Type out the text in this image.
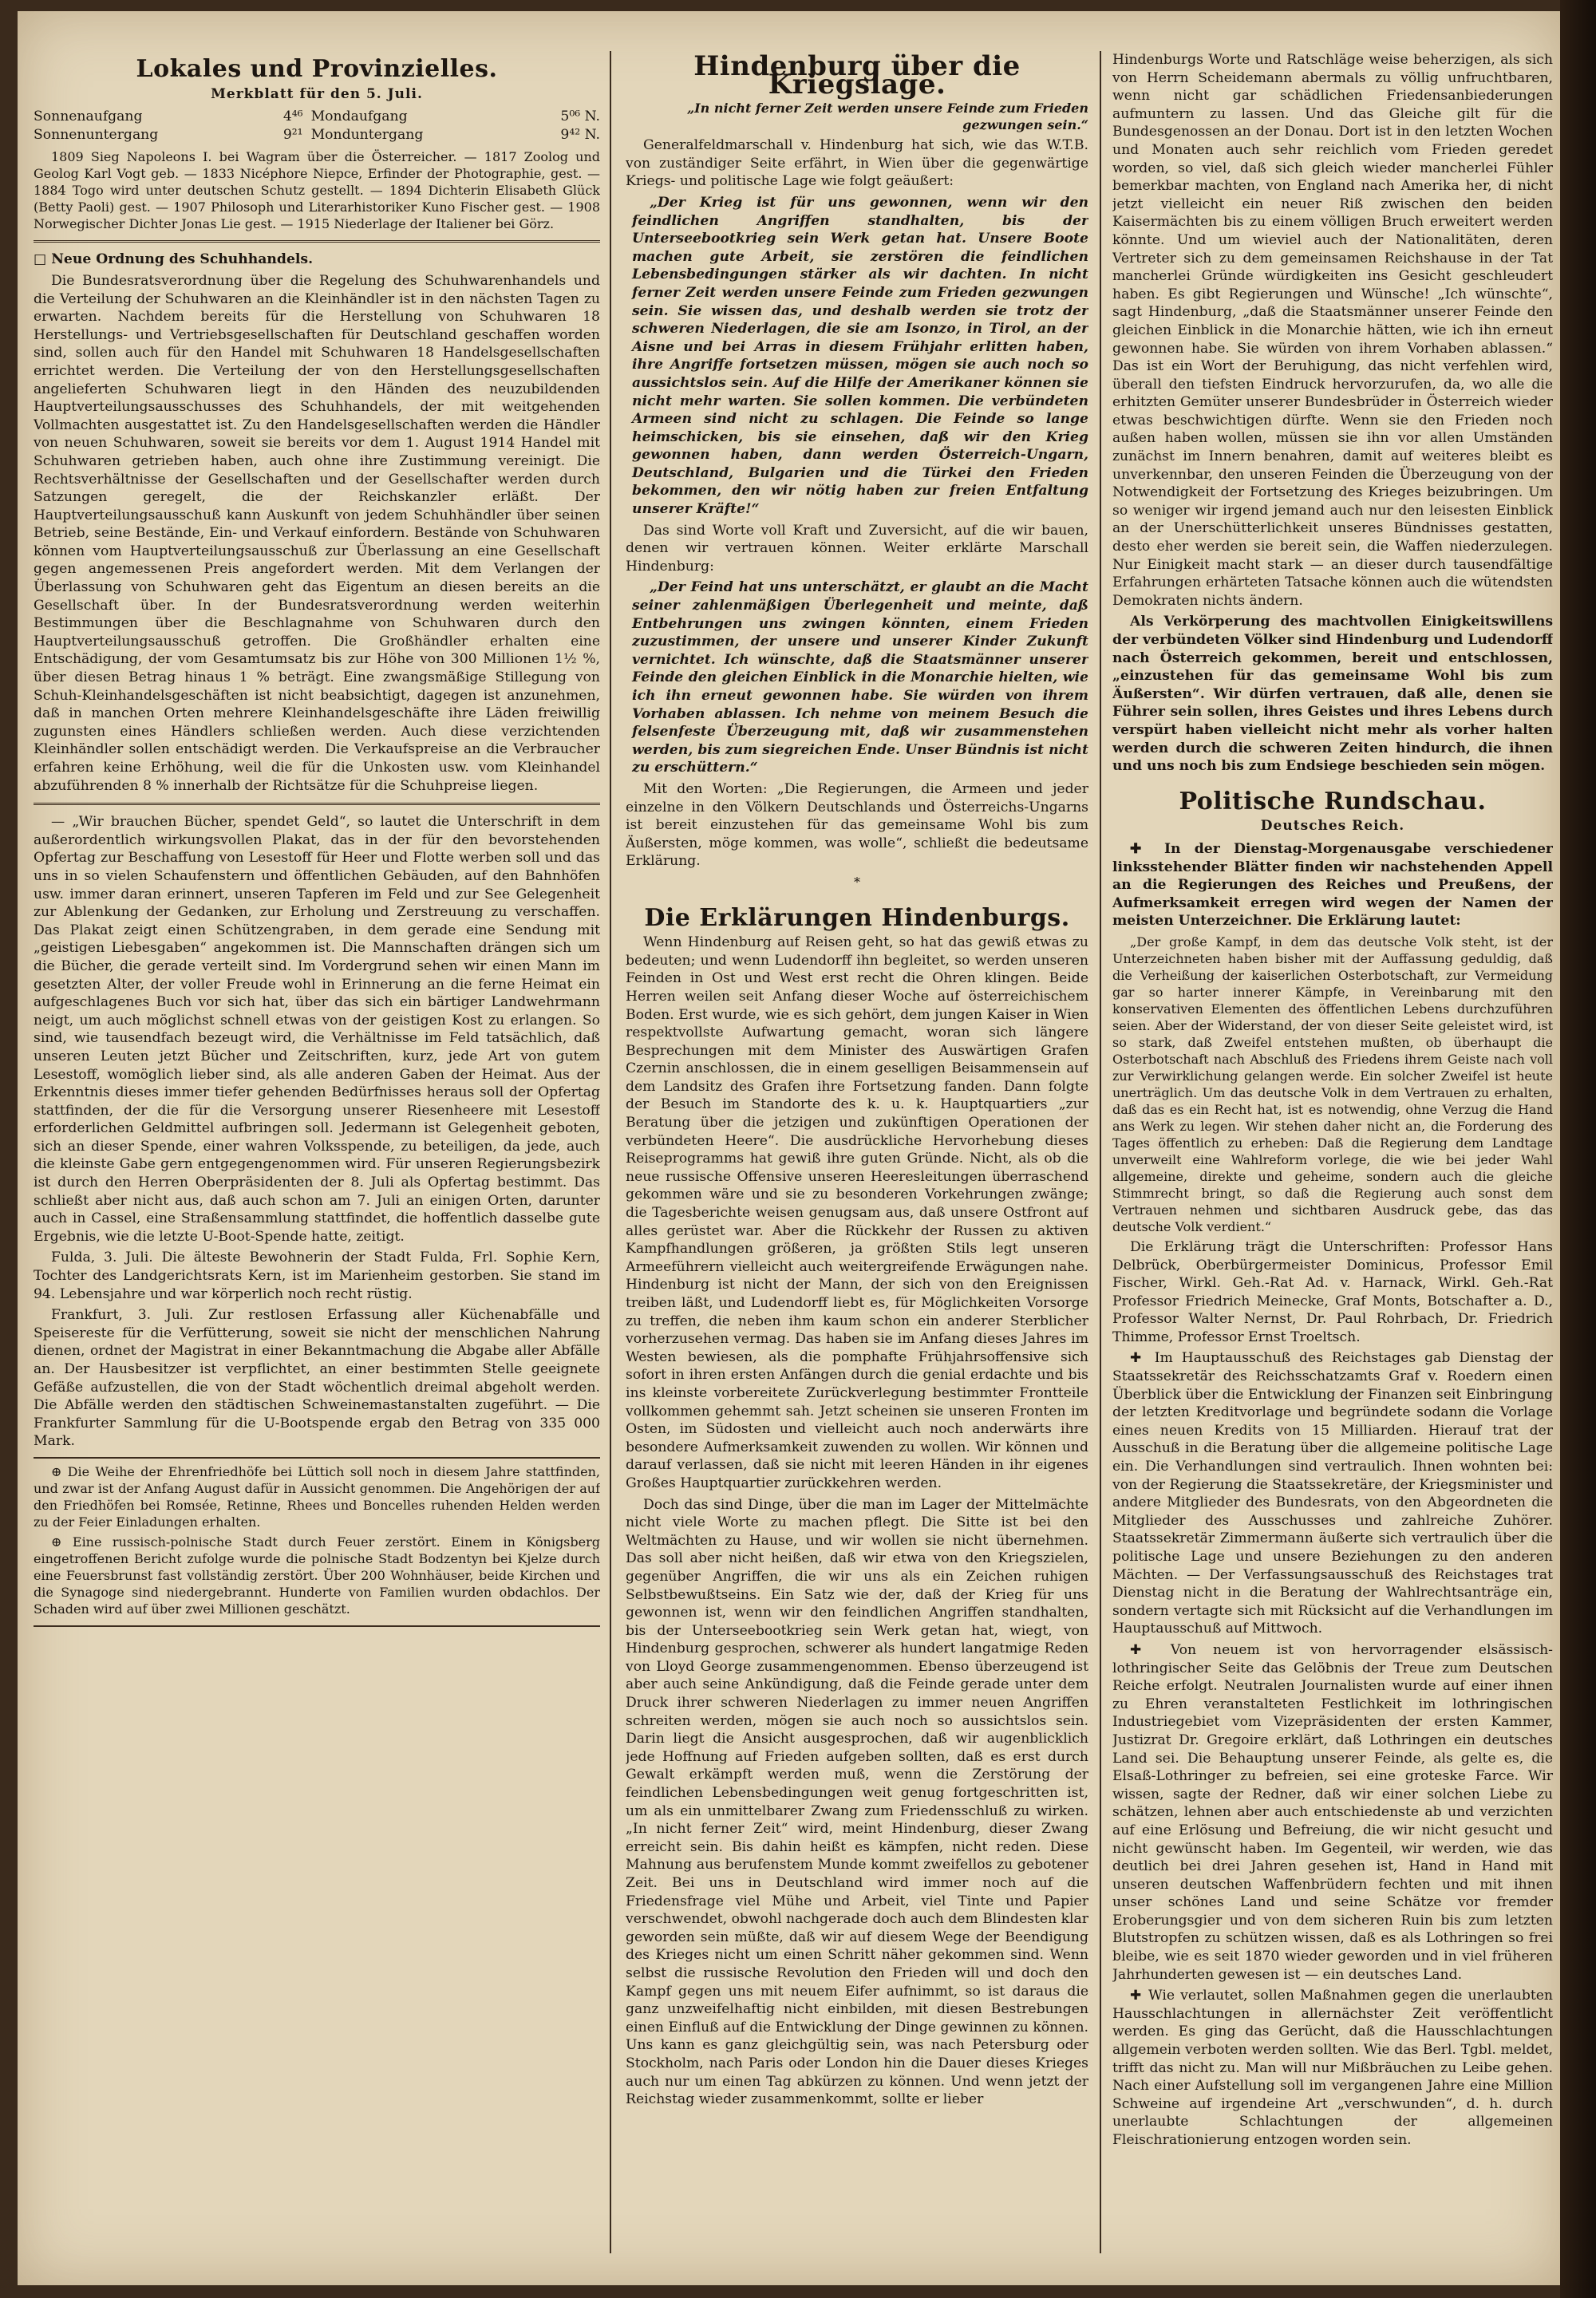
Lokales und Provinzielles.
Merkblatt für den 5. Juli.
Sonnenaufgang	4⁴⁶ Mondaufgang	5⁰⁶ N.
Sonnenuntergang	9²¹ Monduntergang	9⁴² N.

1809 Sieg Napoleons I. bei Wagram über die Österreicher. — 1817 Zoolog und Geolog Karl Vogt geb. — 1833 Nicéphore Niepce, Erfinder der Photographie, gest. — 1884 Togo wird unter deutschen Schutz gestellt. — 1894 Dichterin Elisabeth Glück (Betty Paoli) gest. — 1907 Philosoph und Literarhistoriker Kuno Fischer gest. — 1908 Norwegischer Dichter Jonas Lie gest. — 1915 Niederlage der Italiener bei Görz.

□ Neue Ordnung des Schuhhandels.

Die Bundesratsverordnung über die Regelung des Schuhwarenhandels und die Verteilung der Schuhwaren an die Kleinhändler ist in den nächsten Tagen zu erwarten. Nachdem bereits für die Herstellung von Schuhwaren 18 Herstellungs- und Vertriebsgesellschaften für Deutschland geschaffen worden sind, sollen auch für den Handel mit Schuhwaren 18 Handelsgesellschaften errichtet werden. Die Verteilung der von den Herstellungsgesellschaften angelieferten Schuhwaren liegt in den Händen des neuzubildenden Hauptverteilungsausschusses des Schuhhandels, der mit weitgehenden Vollmachten ausgestattet ist. Zu den Handelsgesellschaften werden die Händler von neuen Schuhwaren, soweit sie bereits vor dem 1. August 1914 Handel mit Schuhwaren getrieben haben, auch ohne ihre Zustimmung vereinigt. Die Rechtsverhältnisse der Gesellschaften und der Gesellschafter werden durch Satzungen geregelt, die der Reichskanzler erläßt. Der Hauptverteilungsausschuß kann Auskunft von jedem Schuhhändler über seinen Betrieb, seine Bestände, Ein- und Verkauf einfordern. Bestände von Schuhwaren können vom Hauptverteilungsausschuß zur Überlassung an eine Gesellschaft gegen angemessenen Preis angefordert werden. Mit dem Verlangen der Überlassung von Schuhwaren geht das Eigentum an diesen bereits an die Gesellschaft über. In der Bundesratsverordnung werden weiterhin Bestimmungen über die Beschlagnahme von Schuhwaren durch den Hauptverteilungsausschuß getroffen. Die Großhändler erhalten eine Entschädigung, der vom Gesamtumsatz bis zur Höhe von 300 Millionen 1½ %, über diesen Betrag hinaus 1 % beträgt. Eine zwangsmäßige Stillegung von Schuh-Kleinhandelsgeschäften ist nicht beabsichtigt, dagegen ist anzunehmen, daß in manchen Orten mehrere Kleinhandelsgeschäfte ihre Läden freiwillig zugunsten eines Händlers schließen werden. Auch diese verzichtenden Kleinhändler sollen entschädigt werden. Die Verkaufspreise an die Verbraucher erfahren keine Erhöhung, weil die für die Unkosten usw. vom Kleinhandel abzuführenden 8 % innerhalb der Richtsätze für die Schuhpreise liegen.

— „Wir brauchen Bücher, spendet Geld“, so lautet die Unterschrift in dem außerordentlich wirkungsvollen Plakat, das in der für den bevorstehenden Opfertag zur Beschaffung von Lesestoff für Heer und Flotte werben soll und das uns in so vielen Schaufenstern und öffentlichen Gebäuden, auf den Bahnhöfen usw. immer daran erinnert, unseren Tapferen im Feld und zur See Gelegenheit zur Ablenkung der Gedanken, zur Erholung und Zerstreuung zu verschaffen. Das Plakat zeigt einen Schützengraben, in dem gerade eine Sendung mit „geistigen Liebesgaben“ angekommen ist. Die Mannschaften drängen sich um die Bücher, die gerade verteilt sind. Im Vordergrund sehen wir einen Mann im gesetzten Alter, der voller Freude wohl in Erinnerung an die ferne Heimat ein aufgeschlagenes Buch vor sich hat, über das sich ein bärtiger Landwehrmann neigt, um auch möglichst schnell etwas von der geistigen Kost zu erlangen. So sind, wie tausendfach bezeugt wird, die Verhältnisse im Feld tatsächlich, daß unseren Leuten jetzt Bücher und Zeitschriften, kurz, jede Art von gutem Lesestoff, womöglich lieber sind, als alle anderen Gaben der Heimat. Aus der Erkenntnis dieses immer tiefer gehenden Bedürfnisses heraus soll der Opfertag stattfinden, der die für die Versorgung unserer Riesenheere mit Lesestoff erforderlichen Geldmittel aufbringen soll. Jedermann ist Gelegenheit geboten, sich an dieser Spende, einer wahren Volksspende, zu beteiligen, da jede, auch die kleinste Gabe gern entgegengenommen wird. Für unseren Regierungsbezirk ist durch den Herren Oberpräsidenten der 8. Juli als Opfertag bestimmt. Das schließt aber nicht aus, daß auch schon am 7. Juli an einigen Orten, darunter auch in Cassel, eine Straßensammlung stattfindet, die hoffentlich dasselbe gute Ergebnis, wie die letzte U-Boot-Spende hatte, zeitigt.

Fulda, 3. Juli. Die älteste Bewohnerin der Stadt Fulda, Frl. Sophie Kern, Tochter des Landgerichtsrats Kern, ist im Marienheim gestorben. Sie stand im 94. Lebensjahre und war körperlich noch recht rüstig.

Frankfurt, 3. Juli. Zur restlosen Erfassung aller Küchenabfälle und Speisereste für die Verfütterung, soweit sie nicht der menschlichen Nahrung dienen, ordnet der Magistrat in einer Bekanntmachung die Abgabe aller Abfälle an. Der Hausbesitzer ist verpflichtet, an einer bestimmten Stelle geeignete Gefäße aufzustellen, die von der Stadt wöchentlich dreimal abgeholt werden. Die Abfälle werden den städtischen Schweinemastanstalten zugeführt. — Die Frankfurter Sammlung für die U-Bootspende ergab den Betrag von 335 000 Mark.

⊕ Die Weihe der Ehrenfriedhöfe bei Lüttich soll noch in diesem Jahre stattfinden, und zwar ist der Anfang August dafür in Aussicht genommen. Die Angehörigen der auf den Friedhöfen bei Romsée, Retinne, Rhees und Boncelles ruhenden Helden werden zu der Feier Einladungen erhalten.

⊕ Eine russisch-polnische Stadt durch Feuer zerstört. Einem in Königsberg eingetroffenen Bericht zufolge wurde die polnische Stadt Bodzentyn bei Kjelze durch eine Feuersbrunst fast vollständig zerstört. Über 200 Wohnhäuser, beide Kirchen und die Synagoge sind niedergebrannt. Hunderte von Familien wurden obdachlos. Der Schaden wird auf über zwei Millionen geschätzt.

Hindenburg über die Kriegslage.

„In nicht ferner Zeit werden unsere Feinde zum Frieden gezwungen sein.“

Generalfeldmarschall v. Hindenburg hat sich, wie das W.T.B. von zuständiger Seite erfährt, in Wien über die gegenwärtige Kriegs- und politische Lage wie folgt geäußert:

„Der Krieg ist für uns gewonnen, wenn wir den feindlichen Angriffen standhalten, bis der Unterseebootkrieg sein Werk getan hat. Unsere Boote machen gute Arbeit, sie zerstören die feindlichen Lebensbedingungen stärker als wir dachten. In nicht ferner Zeit werden unsere Feinde zum Frieden gezwungen sein. Sie wissen das, und deshalb werden sie trotz der schweren Niederlagen, die sie am Isonzo, in Tirol, an der Aisne und bei Arras in diesem Frühjahr erlitten haben, ihre Angriffe fortsetzen müssen, mögen sie auch noch so aussichtslos sein. Auf die Hilfe der Amerikaner können sie nicht mehr warten. Sie sollen kommen. Die verbündeten Armeen sind nicht zu schlagen. Die Feinde so lange heimschicken, bis sie einsehen, daß wir den Krieg gewonnen haben, dann werden Österreich-Ungarn, Deutschland, Bulgarien und die Türkei den Frieden bekommen, den wir nötig haben zur freien Entfaltung unserer Kräfte!“

Das sind Worte voll Kraft und Zuversicht, auf die wir bauen, denen wir vertrauen können. Weiter erklärte Marschall Hindenburg:

„Der Feind hat uns unterschätzt, er glaubt an die Macht seiner zahlenmäßigen Überlegenheit und meinte, daß Entbehrungen uns zwingen könnten, einem Frieden zuzustimmen, der unsere und unserer Kinder Zukunft vernichtet. Ich wünschte, daß die Staatsmänner unserer Feinde den gleichen Einblick in die Monarchie hielten, wie ich ihn erneut gewonnen habe. Sie würden von ihrem Vorhaben ablassen. Ich nehme von meinem Besuch die felsenfeste Überzeugung mit, daß wir zusammenstehen werden, bis zum siegreichen Ende. Unser Bündnis ist nicht zu erschüttern.“

Mit den Worten: „Die Regierungen, die Armeen und jeder einzelne in den Völkern Deutschlands und Österreichs-Ungarns ist bereit einzustehen für das gemeinsame Wohl bis zum Äußersten, möge kommen, was wolle“, schließt die bedeutsame Erklärung.

*
Die Erklärungen Hindenburgs.

Wenn Hindenburg auf Reisen geht, so hat das gewiß etwas zu bedeuten; und wenn Ludendorff ihn begleitet, so werden unseren Feinden in Ost und West erst recht die Ohren klingen. Beide Herren weilen seit Anfang dieser Woche auf österreichischem Boden. Erst wurde, wie es sich gehört, dem jungen Kaiser in Wien respektvollste Aufwartung gemacht, woran sich längere Besprechungen mit dem Minister des Auswärtigen Grafen Czernin anschlossen, die in einem geselligen Beisammensein auf dem Landsitz des Grafen ihre Fortsetzung fanden. Dann folgte der Besuch im Standorte des k. u. k. Hauptquartiers „zur Beratung über die jetzigen und zukünftigen Operationen der verbündeten Heere“. Die ausdrückliche Hervorhebung dieses Reiseprogramms hat gewiß ihre guten Gründe. Nicht, als ob die neue russische Offensive unseren Heeresleitungen überraschend gekommen wäre und sie zu besonderen Vorkehrungen zwänge; die Tagesberichte weisen genugsam aus, daß unsere Ostfront auf alles gerüstet war. Aber die Rückkehr der Russen zu aktiven Kampfhandlungen größeren, ja größten Stils legt unseren Armeeführern vielleicht auch weitergreifende Erwägungen nahe. Hindenburg ist nicht der Mann, der sich von den Ereignissen treiben läßt, und Ludendorff liebt es, für Möglichkeiten Vorsorge zu treffen, die neben ihm kaum schon ein anderer Sterblicher vorherzusehen vermag. Das haben sie im Anfang dieses Jahres im Westen bewiesen, als die pomphafte Frühjahrsoffensive sich sofort in ihren ersten Anfängen durch die genial erdachte und bis ins kleinste vorbereitete Zurückverlegung bestimmter Frontteile vollkommen gehemmt sah. Jetzt scheinen sie unseren Fronten im Osten, im Südosten und vielleicht auch noch anderwärts ihre besondere Aufmerksamkeit zuwenden zu wollen. Wir können und darauf verlassen, daß sie nicht mit leeren Händen in ihr eigenes Großes Hauptquartier zurückkehren werden.

Doch das sind Dinge, über die man im Lager der Mittelmächte nicht viele Worte zu machen pflegt. Die Sitte ist bei den Weltmächten zu Hause, und wir wollen sie nicht übernehmen. Das soll aber nicht heißen, daß wir etwa von den Kriegszielen, gegenüber Angriffen, die wir uns als ein Zeichen ruhigen Selbstbewußtseins. Ein Satz wie der, daß der Krieg für uns gewonnen ist, wenn wir den feindlichen Angriffen standhalten, bis der Unterseebootkrieg sein Werk getan hat, wiegt, von Hindenburg gesprochen, schwerer als hundert langatmige Reden von Lloyd George zusammengenommen. Ebenso überzeugend ist aber auch seine Ankündigung, daß die Feinde gerade unter dem Druck ihrer schweren Niederlagen zu immer neuen Angriffen schreiten werden, mögen sie auch noch so aussichtslos sein. Darin liegt die Ansicht ausgesprochen, daß wir augenblicklich jede Hoffnung auf Frieden aufgeben sollten, daß es erst durch Gewalt erkämpft werden muß, wenn die Zerstörung der feindlichen Lebensbedingungen weit genug fortgeschritten ist, um als ein unmittelbarer Zwang zum Friedensschluß zu wirken. „In nicht ferner Zeit“ wird, meint Hindenburg, dieser Zwang erreicht sein. Bis dahin heißt es kämpfen, nicht reden. Diese Mahnung aus berufenstem Munde kommt zweifellos zu gebotener Zeit. Bei uns in Deutschland wird immer noch auf die Friedensfrage viel Mühe und Arbeit, viel Tinte und Papier verschwendet, obwohl nachgerade doch auch dem Blindesten klar geworden sein müßte, daß wir auf diesem Wege der Beendigung des Krieges nicht um einen Schritt näher gekommen sind. Wenn selbst die russische Revolution den Frieden will und doch den Kampf gegen uns mit neuem Eifer aufnimmt, so ist daraus die ganz unzweifelhaftig nicht einbilden, mit diesen Bestrebungen einen Einfluß auf die Entwicklung der Dinge gewinnen zu können. Uns kann es ganz gleichgültig sein, was nach Petersburg oder Stockholm, nach Paris oder London hin die Dauer dieses Krieges auch nur um einen Tag abkürzen zu können. Und wenn jetzt der Reichstag wieder zusammenkommt, sollte er lieber

Hindenburgs Worte und Ratschläge weise beherzigen, als sich von Herrn Scheidemann abermals zu völlig unfruchtbaren, wenn nicht gar schädlichen Friedensanbiederungen aufmuntern zu lassen. Und das Gleiche gilt für die Bundesgenossen an der Donau. Dort ist in den letzten Wochen und Monaten auch sehr reichlich vom Frieden geredet worden, so viel, daß sich gleich wieder mancherlei Fühler bemerkbar machten, von England nach Amerika her, di nicht jetzt vielleicht ein neuer Riß zwischen den beiden Kaisermächten bis zu einem völligen Bruch erweitert werden könnte. Und um wieviel auch der Nationalitäten, deren Vertreter sich zu dem gemeinsamen Reichshause in der Tat mancherlei Gründe würdigkeiten ins Gesicht geschleudert haben. Es gibt Regierungen und Wünsche! „Ich wünschte“, sagt Hindenburg, „daß die Staatsmänner unserer Feinde den gleichen Einblick in die Monarchie hätten, wie ich ihn erneut gewonnen habe. Sie würden von ihrem Vorhaben ablassen.“ Das ist ein Wort der Beruhigung, das nicht verfehlen wird, überall den tiefsten Eindruck hervorzurufen, da, wo alle die erhitzten Gemüter unserer Bundesbrüder in Österreich wieder etwas beschwichtigen dürfte. Wenn sie den Frieden noch außen haben wollen, müssen sie ihn vor allen Umständen zunächst im Innern benahren, damit auf weiteres bleibt es unverkennbar, den unseren Feinden die Überzeugung von der Notwendigkeit der Fortsetzung des Krieges beizubringen. Um so weniger wir irgend jemand auch nur den leisesten Einblick an der Unerschütterlichkeit unseres Bündnisses gestatten, desto eher werden sie bereit sein, die Waffen niederzulegen. Nur Einigkeit macht stark — an dieser durch tausendfältige Erfahrungen erhärteten Tatsache können auch die wütendsten Demokraten nichts ändern.

Als Verkörperung des machtvollen Einigkeitswillens der verbündeten Völker sind Hindenburg und Ludendorff nach Österreich gekommen, bereit und entschlossen, „einzustehen für das gemeinsame Wohl bis zum Äußersten“. Wir dürfen vertrauen, daß alle, denen sie Führer sein sollen, ihres Geistes und ihres Lebens durch verspürt haben vielleicht nicht mehr als vorher halten werden durch die schweren Zeiten hindurch, die ihnen und uns noch bis zum Endsiege beschieden sein mögen.

Politische Rundschau.
Deutsches Reich.

✚ In der Dienstag-Morgenausgabe verschiedener linksstehender Blätter finden wir nachstehenden Appell an die Regierungen des Reiches und Preußens, der Aufmerksamkeit erregen wird wegen der Namen der meisten Unterzeichner. Die Erklärung lautet:

„Der große Kampf, in dem das deutsche Volk steht, ist der Unterzeichneten haben bisher mit der Auffassung geduldig, daß die Verheißung der kaiserlichen Osterbotschaft, zur Vermeidung gar so harter innerer Kämpfe, in Vereinbarung mit den konservativen Elementen des öffentlichen Lebens durchzuführen seien. Aber der Widerstand, der von dieser Seite geleistet wird, ist so stark, daß Zweifel entstehen mußten, ob überhaupt die Osterbotschaft nach Abschluß des Friedens ihrem Geiste nach voll zur Verwirklichung gelangen werde. Ein solcher Zweifel ist heute unerträglich. Um das deutsche Volk in dem Vertrauen zu erhalten, daß das es ein Recht hat, ist es notwendig, ohne Verzug die Hand ans Werk zu legen. Wir stehen daher nicht an, die Forderung des Tages öffentlich zu erheben: Daß die Regierung dem Landtage unverweilt eine Wahlreform vorlege, die wie bei jeder Wahl allgemeine, direkte und geheime, sondern auch die gleiche Stimmrecht bringt, so daß die Regierung auch sonst dem Vertrauen nehmen und sichtbaren Ausdruck gebe, das das deutsche Volk verdient.“

Die Erklärung trägt die Unterschriften: Professor Hans Delbrück, Oberbürgermeister Dominicus, Professor Emil Fischer, Wirkl. Geh.-Rat Ad. v. Harnack, Wirkl. Geh.-Rat Professor Friedrich Meinecke, Graf Monts, Botschafter a. D., Professor Walter Nernst, Dr. Paul Rohrbach, Dr. Friedrich Thimme, Professor Ernst Troeltsch.

✚ Im Hauptausschuß des Reichstages gab Dienstag der Staatssekretär des Reichsschatzamts Graf v. Roedern einen Überblick über die Entwicklung der Finanzen seit Einbringung der letzten Kreditvorlage und begründete sodann die Vorlage eines neuen Kredits von 15 Milliarden. Hierauf trat der Ausschuß in die Beratung über die allgemeine politische Lage ein. Die Verhandlungen sind vertraulich. Ihnen wohnten bei: von der Regierung die Staatssekretäre, der Kriegsminister und andere Mitglieder des Bundesrats, von den Abgeordneten die Mitglieder des Ausschusses und zahlreiche Zuhörer. Staatssekretär Zimmermann äußerte sich vertraulich über die politische Lage und unsere Beziehungen zu den anderen Mächten. — Der Verfassungsausschuß des Reichstages trat Dienstag nicht in die Beratung der Wahlrechtsanträge ein, sondern vertagte sich mit Rücksicht auf die Verhandlungen im Hauptausschuß auf Mittwoch.

✚ Von neuem ist von hervorragender elsässisch-lothringischer Seite das Gelöbnis der Treue zum Deutschen Reiche erfolgt. Neutralen Journalisten wurde auf einer ihnen zu Ehren veranstalteten Festlichkeit im lothringischen Industriegebiet vom Vizepräsidenten der ersten Kammer, Justizrat Dr. Gregoire erklärt, daß Lothringen ein deutsches Land sei. Die Behauptung unserer Feinde, als gelte es, die Elsaß-Lothringer zu befreien, sei eine groteske Farce. Wir wissen, sagte der Redner, daß wir einer solchen Liebe zu schätzen, lehnen aber auch entschiedenste ab und verzichten auf eine Erlösung und Befreiung, die wir nicht gesucht und nicht gewünscht haben. Im Gegenteil, wir werden, wie das deutlich bei drei Jahren gesehen ist, Hand in Hand mit unseren deutschen Waffenbrüdern fechten und mit ihnen unser schönes Land und seine Schätze vor fremder Eroberungsgier und von dem sicheren Ruin bis zum letzten Blutstropfen zu schützen wissen, daß es als Lothringen so frei bleibe, wie es seit 1870 wieder geworden und in viel früheren Jahrhunderten gewesen ist — ein deutsches Land.

✚ Wie verlautet, sollen Maßnahmen gegen die unerlaubten Hausschlachtungen in allernächster Zeit veröffentlicht werden. Es ging das Gerücht, daß die Hausschlachtungen allgemein verboten werden sollten. Wie das Berl. Tgbl. meldet, trifft das nicht zu. Man will nur Mißbräuchen zu Leibe gehen. Nach einer Aufstellung soll im vergangenen Jahre eine Million Schweine auf irgendeine Art „verschwunden“, d. h. durch unerlaubte Schlachtungen der allgemeinen Fleischrationierung entzogen worden sein.
